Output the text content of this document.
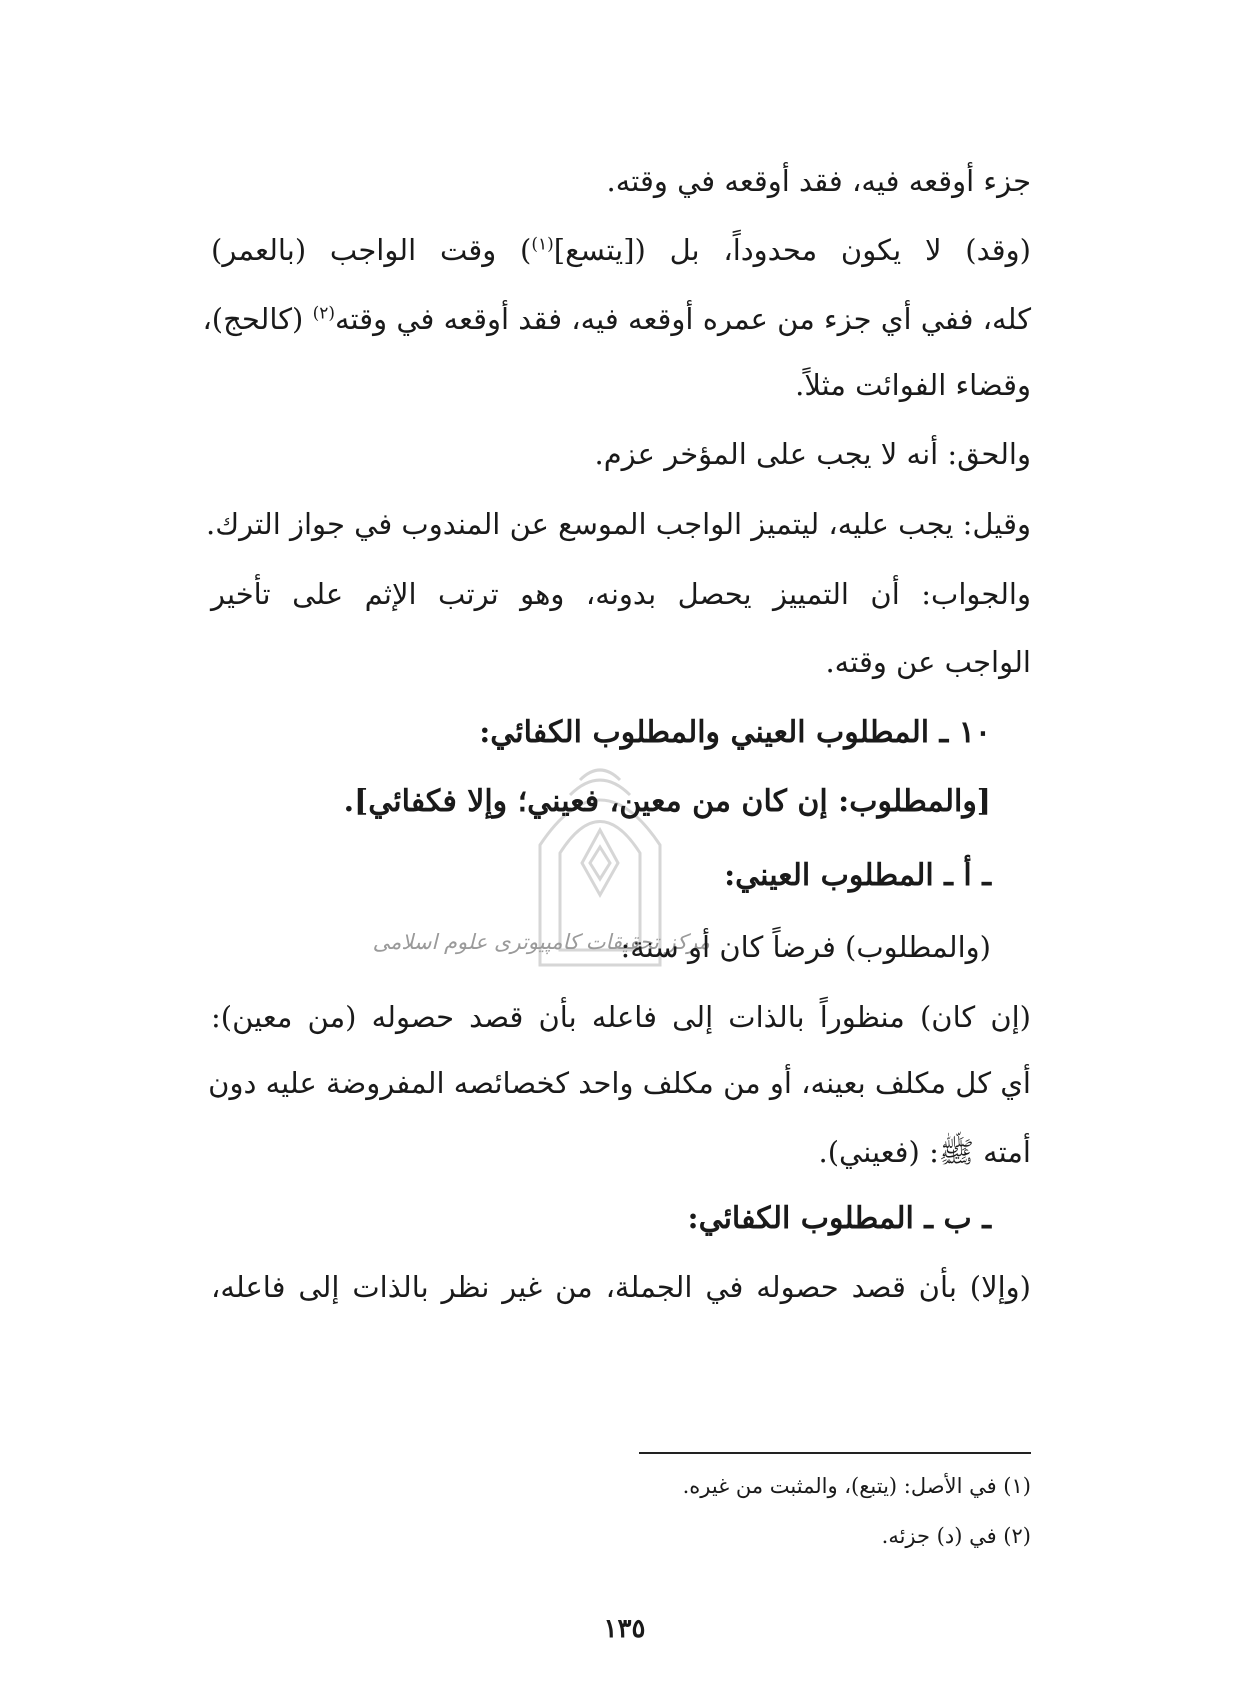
مرکز تحقیقات کامپیوتری علوم اسلامی
جزء أوقعه فيه، فقد أوقعه في وقته.
(وقد) لا يكون محدوداً، بل ([يتسع]$^{(١)}$) وقت الواجب (بالعمر)
كله، ففي أي جزء من عمره أوقعه فيه، فقد أوقعه في وقته$^{(٢)}$ (كالحج)،
وقضاء الفوائت مثلاً.
والحق: أنه لا يجب على المؤخر عزم.
وقيل: يجب عليه، ليتميز الواجب الموسع عن المندوب في جواز الترك.
والجواب: أن التمييز يحصل بدونه، وهو ترتب الإثم على تأخير
الواجب عن وقته.
١٠ ـ المطلوب العيني والمطلوب الكفائي:
[والمطلوب: إن كان من معين، فعيني؛ وإلا فكفائي].
ـ أ ـ المطلوب العيني:
(والمطلوب) فرضاً كان أو سنة:
(إن كان) منظوراً بالذات إلى فاعله بأن قصد حصوله (من معين):
أي كل مكلف بعينه، أو من مكلف واحد كخصائصه المفروضة عليه دون
أمته ﷺ: (فعيني).
ـ ب ـ المطلوب الكفائي:
(وإلا) بأن قصد حصوله في الجملة، من غير نظر بالذات إلى فاعله،
(١) في الأصل: (يتبع)، والمثبت من غيره.
(٢) في (د) جزئه.
١٣٥
